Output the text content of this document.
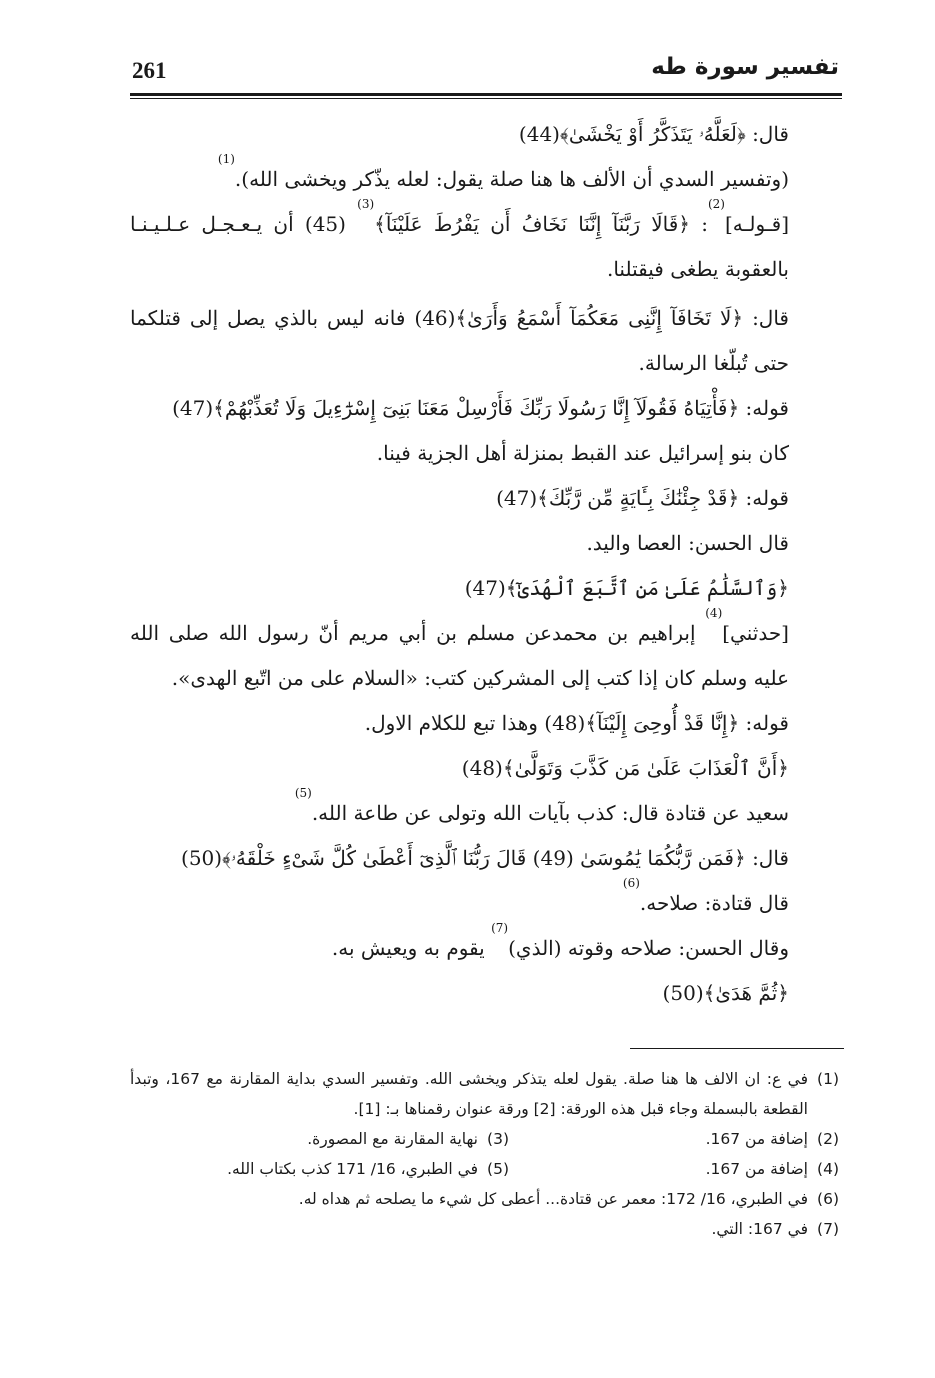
261	تفسير سورة طه

قال: ﴿لَعَلَّهُۥ يَتَذَكَّرُ أَوْ يَخْشَىٰ﴾(44)

(وتفسير السدي أن الألف ها هنا صلة يقول: لعله يذّكر ويخشى الله).$^{(1)}$

[قـولـه]$^{(2)}$: ﴿قَالَا رَبَّنَآ إِنَّنَا نَخَافُ أَن يَفْرُطَ عَلَيْنَآ﴾$^{(3)}$ (45) أن يـعـجـل عـلـيـنـا بالعقوبة يطغى فيقتلنا.

قال: ﴿لَا تَخَافَآ إِنَّنِى مَعَكُمَآ أَسْمَعُ وَأَرَىٰ﴾(46) فانه ليس بالذي يصل إلى قتلكما حتى تُبلّغا الرسالة.

قوله: ﴿فَأْتِيَاهُ فَقُولَآ إِنَّا رَسُولَا رَبِّكَ فَأَرْسِلْ مَعَنَا بَنِىٓ إِسْرَٰٓءِيلَ وَلَا تُعَذِّبْهُمْ﴾(47)

كان بنو إسرائيل عند القبط بمنزلة أهل الجزية فينا.

قوله: ﴿قَدْ جِئْنَٰكَ بِـَٔايَةٍ مِّن رَّبِّكَ﴾(47)

قال الحسن: العصا واليد.

﴿وَٱلسَّلَٰمُ عَلَىٰ مَنِ ٱتَّبَعَ ٱلْهُدَىٰٓ﴾(47)

[حدثني]$^{(4)}$ إبراهيم بن محمدعن مسلم بن أبي مريم أنّ رسول الله صلى الله عليه وسلم كان إذا كتب إلى المشركين كتب: «السلام على من اتّبع الهدى».

قوله: ﴿إِنَّا قَدْ أُوحِىَ إِلَيْنَآ﴾(48) وهذا تبع للكلام الاول.

﴿أَنَّ ٱلْعَذَابَ عَلَىٰ مَن كَذَّبَ وَتَوَلَّىٰ﴾(48)

سعيد عن قتادة قال: كذب بآيات الله وتولى عن طاعة الله.$^{(5)}$

قال: ﴿فَمَن رَّبُّكُمَا يَٰمُوسَىٰ (49) قَالَ رَبُّنَا ٱلَّذِىٓ أَعْطَىٰ كُلَّ شَىْءٍ خَلْقَهُۥ﴾(50)

قال قتادة: صلاحه.$^{(6)}$

وقال الحسن: صلاحه وقوته (الذي)$^{(7)}$ يقوم به ويعيش به.

﴿ثُمَّ هَدَىٰ﴾(50)

(1)
في ع: ان الالف ها هنا صلة. يقول لعله يتذكر ويخشى الله. وتفسير السدي بداية المقارنة مع 167، وتبدأ القطعة بالبسملة وجاء قبل هذه الورقة: [2] ورقة عنوان رقمناها بـ: [1].
(2)
إضافة من 167.
(3)
نهاية المقارنة مع المصورة.
(4)
إضافة من 167.
(5)
في الطبري، 16/ 171 كذب بكتاب الله.
(6)
في الطبري، 16/ 172: معمر عن قتادة... أعطى كل شيء ما يصلحه ثم هداه له.
(7)
في 167: التي.
